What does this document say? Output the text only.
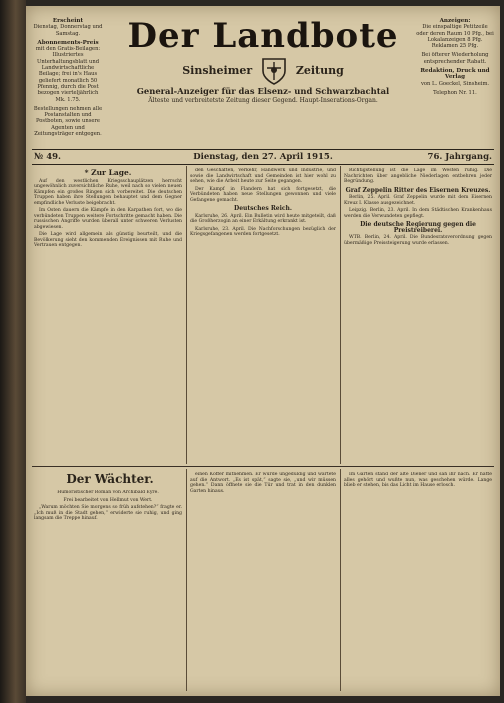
Erscheint
Dienstag, Donnerstag und Samstag.

Abonnements-Preis
mit den Gratis-Beilagen: Illustriertes Unterhaltungsblatt und Landwirtschaftliche Beilage; frei in's Haus geliefert monatlich 50 Pfennig, durch die Post bezogen vierteljährlich Mk. 1.75.

Bestellungen nehmen alle Postanstalten und Postboten, sowie unsere Agenten und Zeitungsträger entgegen.

Anzeigen:
Die einspaltige Petitzeile oder deren Raum 10 Pfg., bei Lokalanzeigen 8 Pfg. Reklamen 25 Pfg.

Bei öfterer Wiederholung entsprechender Rabatt.

Redaktion, Druck und Verlag
von L. Goeckel, Sinsheim.

Telephon Nr. 11.

Der Landbote
Sinsheimer	Zeitung
General-Anzeiger für das Elsenz- und Schwarzbachtal
Älteste und verbreitetste Zeitung dieser Gegend. Haupt-Inserations-Organ.
№ 49.	Dienstag, den 27. April 1915.	76. Jahrgang.
* Zur Lage.

Auf den westlichen Kriegsschauplätzen herrscht ungewöhnlich zuversichtliche Ruhe, weil nach so vielen neuen Kämpfen ein großes Ringen sich vorbereitet. Die deutschen Truppen haben ihre Stellungen behauptet und dem Gegner empfindliche Verluste beigebracht.

Im Osten dauern die Kämpfe in den Karpathen fort, wo die verbündeten Truppen weitere Fortschritte gemacht haben. Die russischen Angriffe wurden überall unter schweren Verlusten abgewiesen.

Die Lage wird allgemein als günstig beurteilt, und die Bevölkerung sieht den kommenden Ereignissen mit Ruhe und Vertrauen entgegen.

den Geschäften, Verkehr, Handwerk und Industrie, und sowie die Landwirtschaft und Gemeinden ist hier wohl zu sehen, wie die Arbeit heute zur Seite gegangen.

Der Kampf in Flandern hat sich fortgesetzt, die Verbündeten haben neue Stellungen gewonnen und viele Gefangene gemacht.

Deutsches Reich.

Karlsruhe, 26. April. Ein Bulletin wird heute mitgeteilt, daß die Großherzogin an einer Erkältung erkrankt ist.

Karlsruhe, 23. April. Die Nachforschungen bezüglich der Kriegsgefangenen werden fortgesetzt.

Richtigstellung ist die Lage im Westen ruhig. Die Nachrichten über angebliche Niederlagen entbehren jeder Begründung.

Graf Zeppelin Ritter des Eisernen Kreuzes.

Berlin, 25. April. Graf Zeppelin wurde mit dem Eisernen Kreuz I. Klasse ausgezeichnet.

Leipzig. Berlin, 23. April. In dem Städtischen Krankenhaus werden die Verwundeten gepflegt.

Die deutsche Regierung gegen die Preistreiberei.

WTB. Berlin, 24. April. Die Bundesratsverordnung gegen übermäßige Preissteigerung wurde erlassen.

Der Wächter.

Humoristischer Roman von Archibald Eyre.

Frei bearbeitet von Hellmut von Wert.

„Warum möchten Sie morgens so früh aufstehen?“ fragte er. „Ich muß in die Stadt gehen,“ erwiderte sie ruhig, und ging langsam die Treppe hinauf.

einen Koffer mitnehmen. Er wurde ungeduldig und wartete auf die Antwort. „Es ist spät,“ sagte sie, „und wir müssen gehen.“ Dann öffnete sie die Tür und trat in den dunklen Garten hinaus.

Im Garten stand der alte Diener und sah ihr nach. Er hatte alles gehört und wußte nun, was geschehen würde. Lange blieb er stehen, bis das Licht im Hause erlosch.
